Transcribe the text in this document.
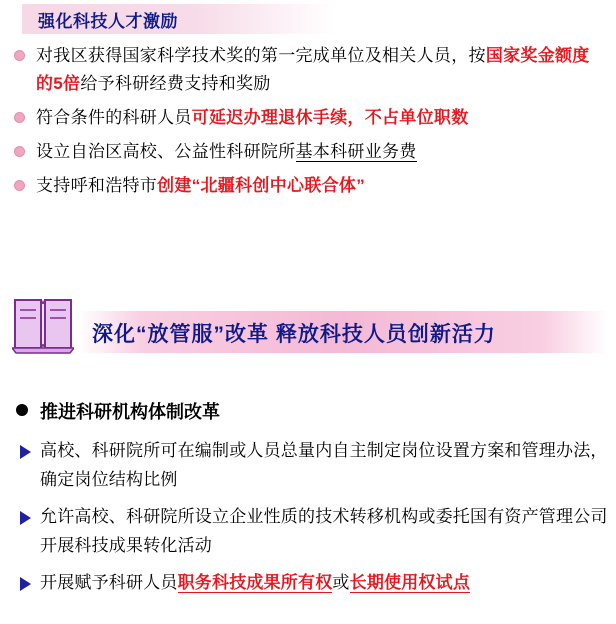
强化科技人才激励
对我区获得国家科学技术奖的第一完成单位及相关人员，按国家奖金额度的5倍给予科研经费支持和奖励
符合条件的科研人员可延迟办理退休手续，不占单位职数
设立自治区高校、公益性科研院所基本科研业务费
支持呼和浩特市创建“北疆科创中心联合体”
深化“放管服”改革 释放科技人员创新活力
推进科研机构体制改革
高校、科研院所可在编制或人员总量内自主制定岗位设置方案和管理办法，确定岗位结构比例
允许高校、科研院所设立企业性质的技术转移机构或委托国有资产管理公司开展科技成果转化活动
开展赋予科研人员职务科技成果所有权或长期使用权试点
